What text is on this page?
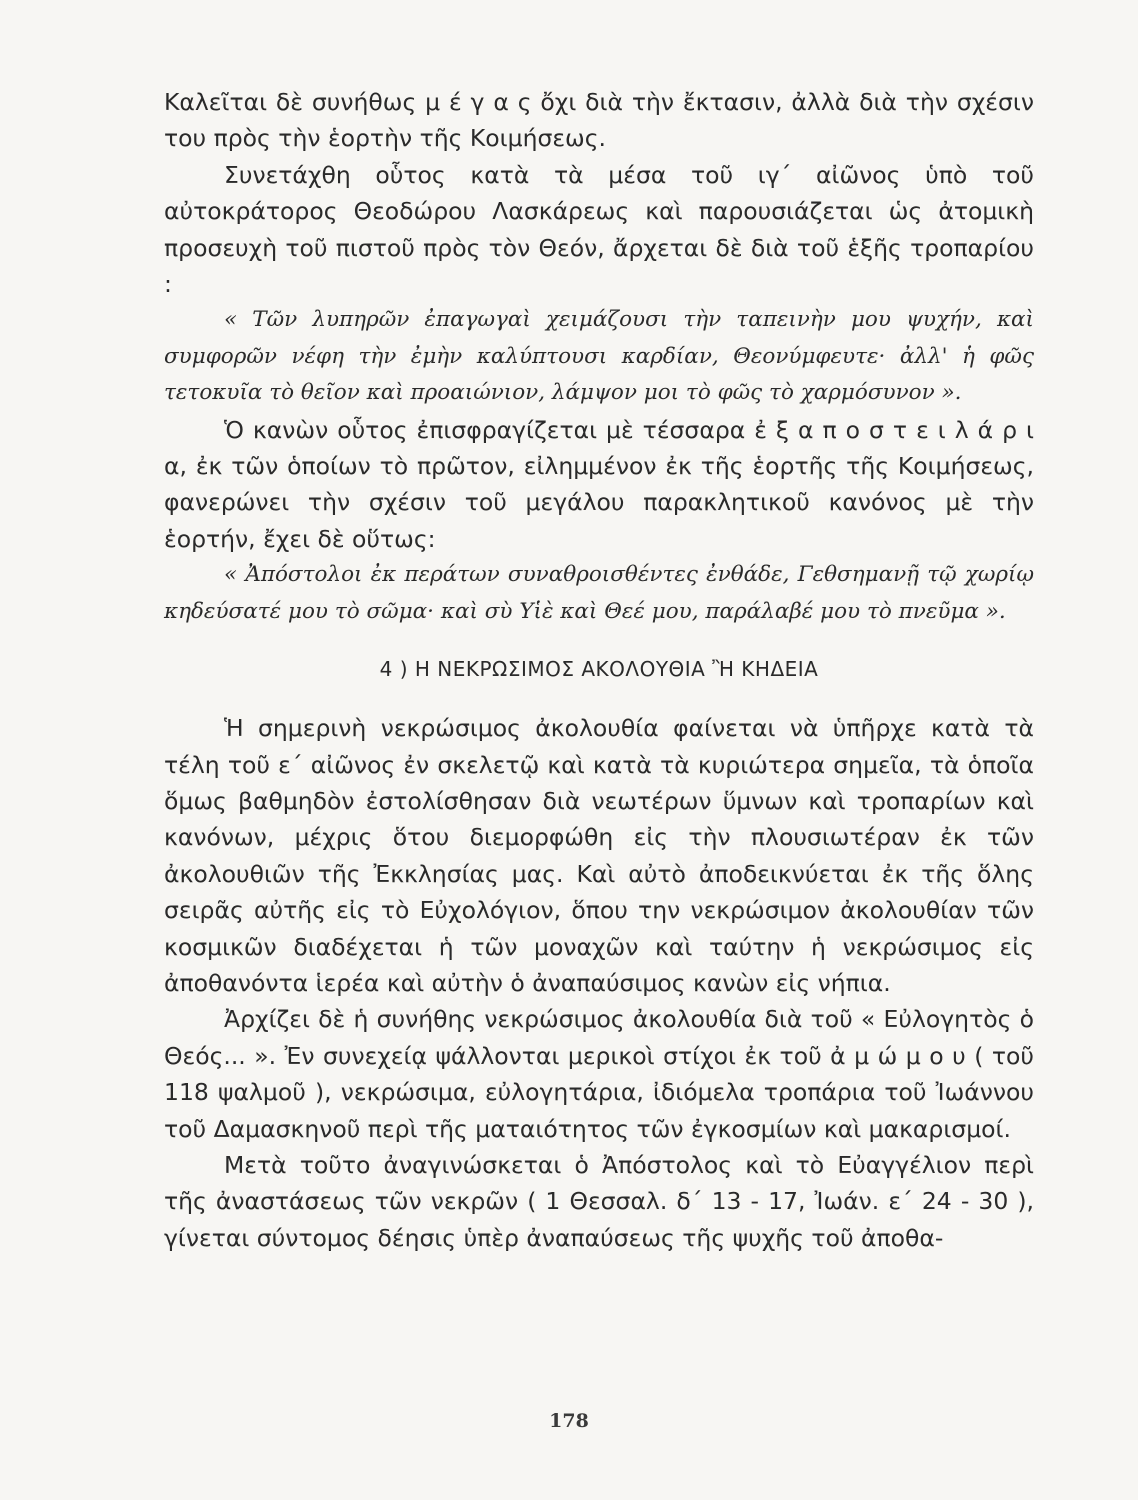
Καλεῖται δὲ συνήθως μ έ γ α ς ὄχι διὰ τὴν ἔκτασιν, ἀλλὰ διὰ τὴν σχέσιν του πρὸς τὴν ἑορτὴν τῆς Κοιμήσεως.

Συνετάχθη οὗτος κατὰ τὰ μέσα τοῦ ιγ΄ αἰῶνος ὑπὸ τοῦ αὐτοκράτορος Θεοδώρου Λασκάρεως καὶ παρουσιάζεται ὡς ἀτομικὴ προσευχὴ τοῦ πιστοῦ πρὸς τὸν Θεόν, ἄρχεται δὲ διὰ τοῦ ἑξῆς τροπαρίου :

« Τῶν λυπηρῶν ἐπαγωγαὶ χειμάζουσι τὴν ταπεινὴν μου ψυχήν, καὶ συμφορῶν νέφη τὴν ἐμὴν καλύπτουσι καρδίαν, Θεονύμφευτε· ἀλλ' ἡ φῶς τετοκυῖα τὸ θεῖον καὶ προαιώνιον, λάμψον μοι τὸ φῶς τὸ χαρμόσυνον ».

Ὁ κανὼν οὗτος ἐπισφραγίζεται μὲ τέσσαρα ἐ ξ α π ο σ τ ε ι λ ά ρ ι α, ἐκ τῶν ὁποίων τὸ πρῶτον, εἰλημμένον ἐκ τῆς ἑορτῆς τῆς Κοιμήσεως, φανερώνει τὴν σχέσιν τοῦ μεγάλου παρακλητικοῦ κανόνος μὲ τὴν ἑορτήν, ἔχει δὲ οὕτως:

« Ἀπόστολοι ἐκ περάτων συναθροισθέντες ἐνθάδε, Γεθσημανῇ τῷ χωρίῳ κηδεύσατέ μου τὸ σῶμα· καὶ σὺ Υἱὲ καὶ Θεέ μου, παράλαβέ μου τὸ πνεῦμα ».

4 ) Η ΝΕΚΡΩΣΙΜΟΣ ΑΚΟΛΟΥΘΙΑ Ἢ ΚΗΔΕΙΑ

Ἡ σημερινὴ νεκρώσιμος ἀκολουθία φαίνεται νὰ ὑπῆρχε κατὰ τὰ τέλη τοῦ ε΄ αἰῶνος ἐν σκελετῷ καὶ κατὰ τὰ κυριώτερα σημεῖα, τὰ ὁποῖα ὅμως βαθμηδὸν ἐστολίσθησαν διὰ νεωτέρων ὕμνων καὶ τροπαρίων καὶ κανόνων, μέχρις ὅτου διεμορφώθη εἰς τὴν πλουσιωτέραν ἐκ τῶν ἀκολουθιῶν τῆς Ἐκκλησίας μας. Καὶ αὐτὸ ἀποδεικνύεται ἐκ τῆς ὅλης σειρᾶς αὐτῆς εἰς τὸ Εὐχολόγιον, ὅπου την νεκρώσιμον ἀκολουθίαν τῶν κοσμικῶν διαδέχεται ἡ τῶν μοναχῶν καὶ ταύτην ἡ νεκρώσιμος εἰς ἀποθανόντα ἱερέα καὶ αὐτὴν ὁ ἀναπαύσιμος κανὼν εἰς νήπια.

Ἀρχίζει δὲ ἡ συνήθης νεκρώσιμος ἀκολουθία διὰ τοῦ « Εὐλογητὸς ὁ Θεός... ». Ἐν συνεχείᾳ ψάλλονται μερικοὶ στίχοι ἐκ τοῦ ἀ μ ώ μ ο υ ( τοῦ 118 ψαλμοῦ ), νεκρώσιμα, εὐλογητάρια, ἰδιόμελα τροπάρια τοῦ Ἰωάννου τοῦ Δαμασκηνοῦ περὶ τῆς ματαιότητος τῶν ἐγκοσμίων καὶ μακαρισμοί.

Μετὰ τοῦτο ἀναγινώσκεται ὁ Ἀπόστολος καὶ τὸ Εὐαγγέλιον περὶ τῆς ἀναστάσεως τῶν νεκρῶν ( 1 Θεσσαλ. δ΄ 13 - 17, Ἰωάν. ε΄ 24 - 30 ), γίνεται σύντομος δέησις ὑπὲρ ἀναπαύσεως τῆς ψυχῆς τοῦ ἀποθα-

178
